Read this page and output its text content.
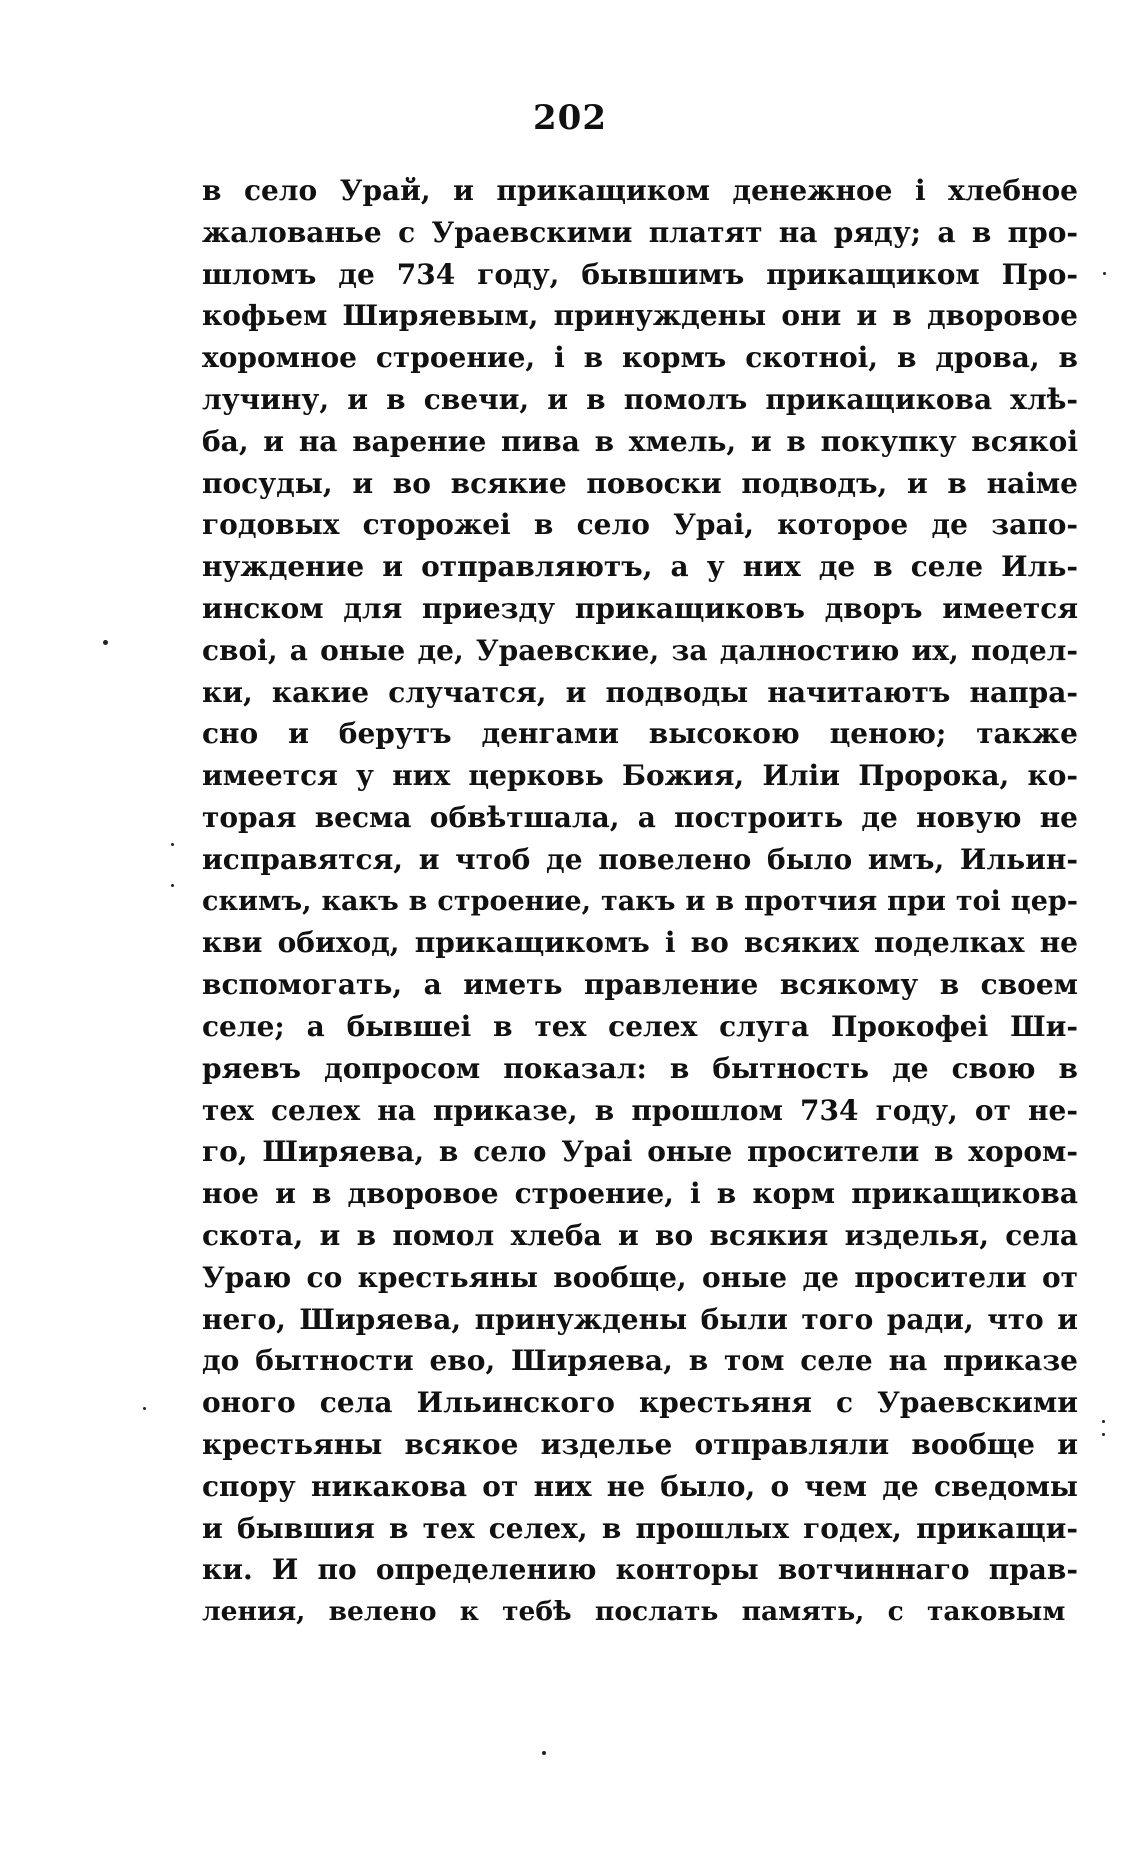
202
в село Урай, и прикащиком денежное і хлебное
жалованье с Ураевскими платят на ряду; а в про-
шломъ де 734 году, бывшимъ прикащиком Про-
кофьем Ширяевым, принуждены они и в дворовое
хоромное строение, і в кормъ скотноі, в дрова, в
лучину, и в свечи, и в помолъ прикащикова хлѣ-
ба, и на варение пива в хмель, и в покупку всякоі
посуды, и во всякие повоски подводъ, и в наіме
годовых сторожеі в село Ураі, которое де запо-
нуждение и отправляютъ, а у них де в селе Иль-
инском для приезду прикащиковъ дворъ имеется
своі, а оные де, Ураевские, за далностию их, подел-
ки, какие случатся, и подводы начитаютъ напра-
сно и берутъ денгами высокою ценою; также
имеется у них церковь Божия, Иліи Пророка, ко-
торая весма обвѣтшала, а построить де новую не
исправятся, и чтоб де повелено было имъ, Ильин-
скимъ, какъ в строение, такъ и в протчия при тоі цер-
кви обиход, прикащикомъ і во всяких поделках не
вспомогать, а иметь правление всякому в своем
селе; а бывшеі в тех селех слуга Прокофеі Ши-
ряевъ допросом показал: в бытность де свою в
тех селех на приказе, в прошлом 734 году, от не-
го, Ширяева, в село Ураі оные просители в хором-
ное и в дворовое строение, і в корм прикащикова
скота, и в помол хлеба и во всякия изделья, села
Ураю со крестьяны вообще, оные де просители от
него, Ширяева, принуждены были того ради, что и
до бытности ево, Ширяева, в том селе на приказе
оного села Ильинского крестьяня с Ураевскими
крестьяны всякое изделье отправляли вообще и
спору никакова от них не было, о чем де сведомы
и бывшия в тех селех, в прошлых годех, прикащи-
ки. И по определению конторы вотчиннаго прав-
ления, велено к тебѣ послать память, с таковым
